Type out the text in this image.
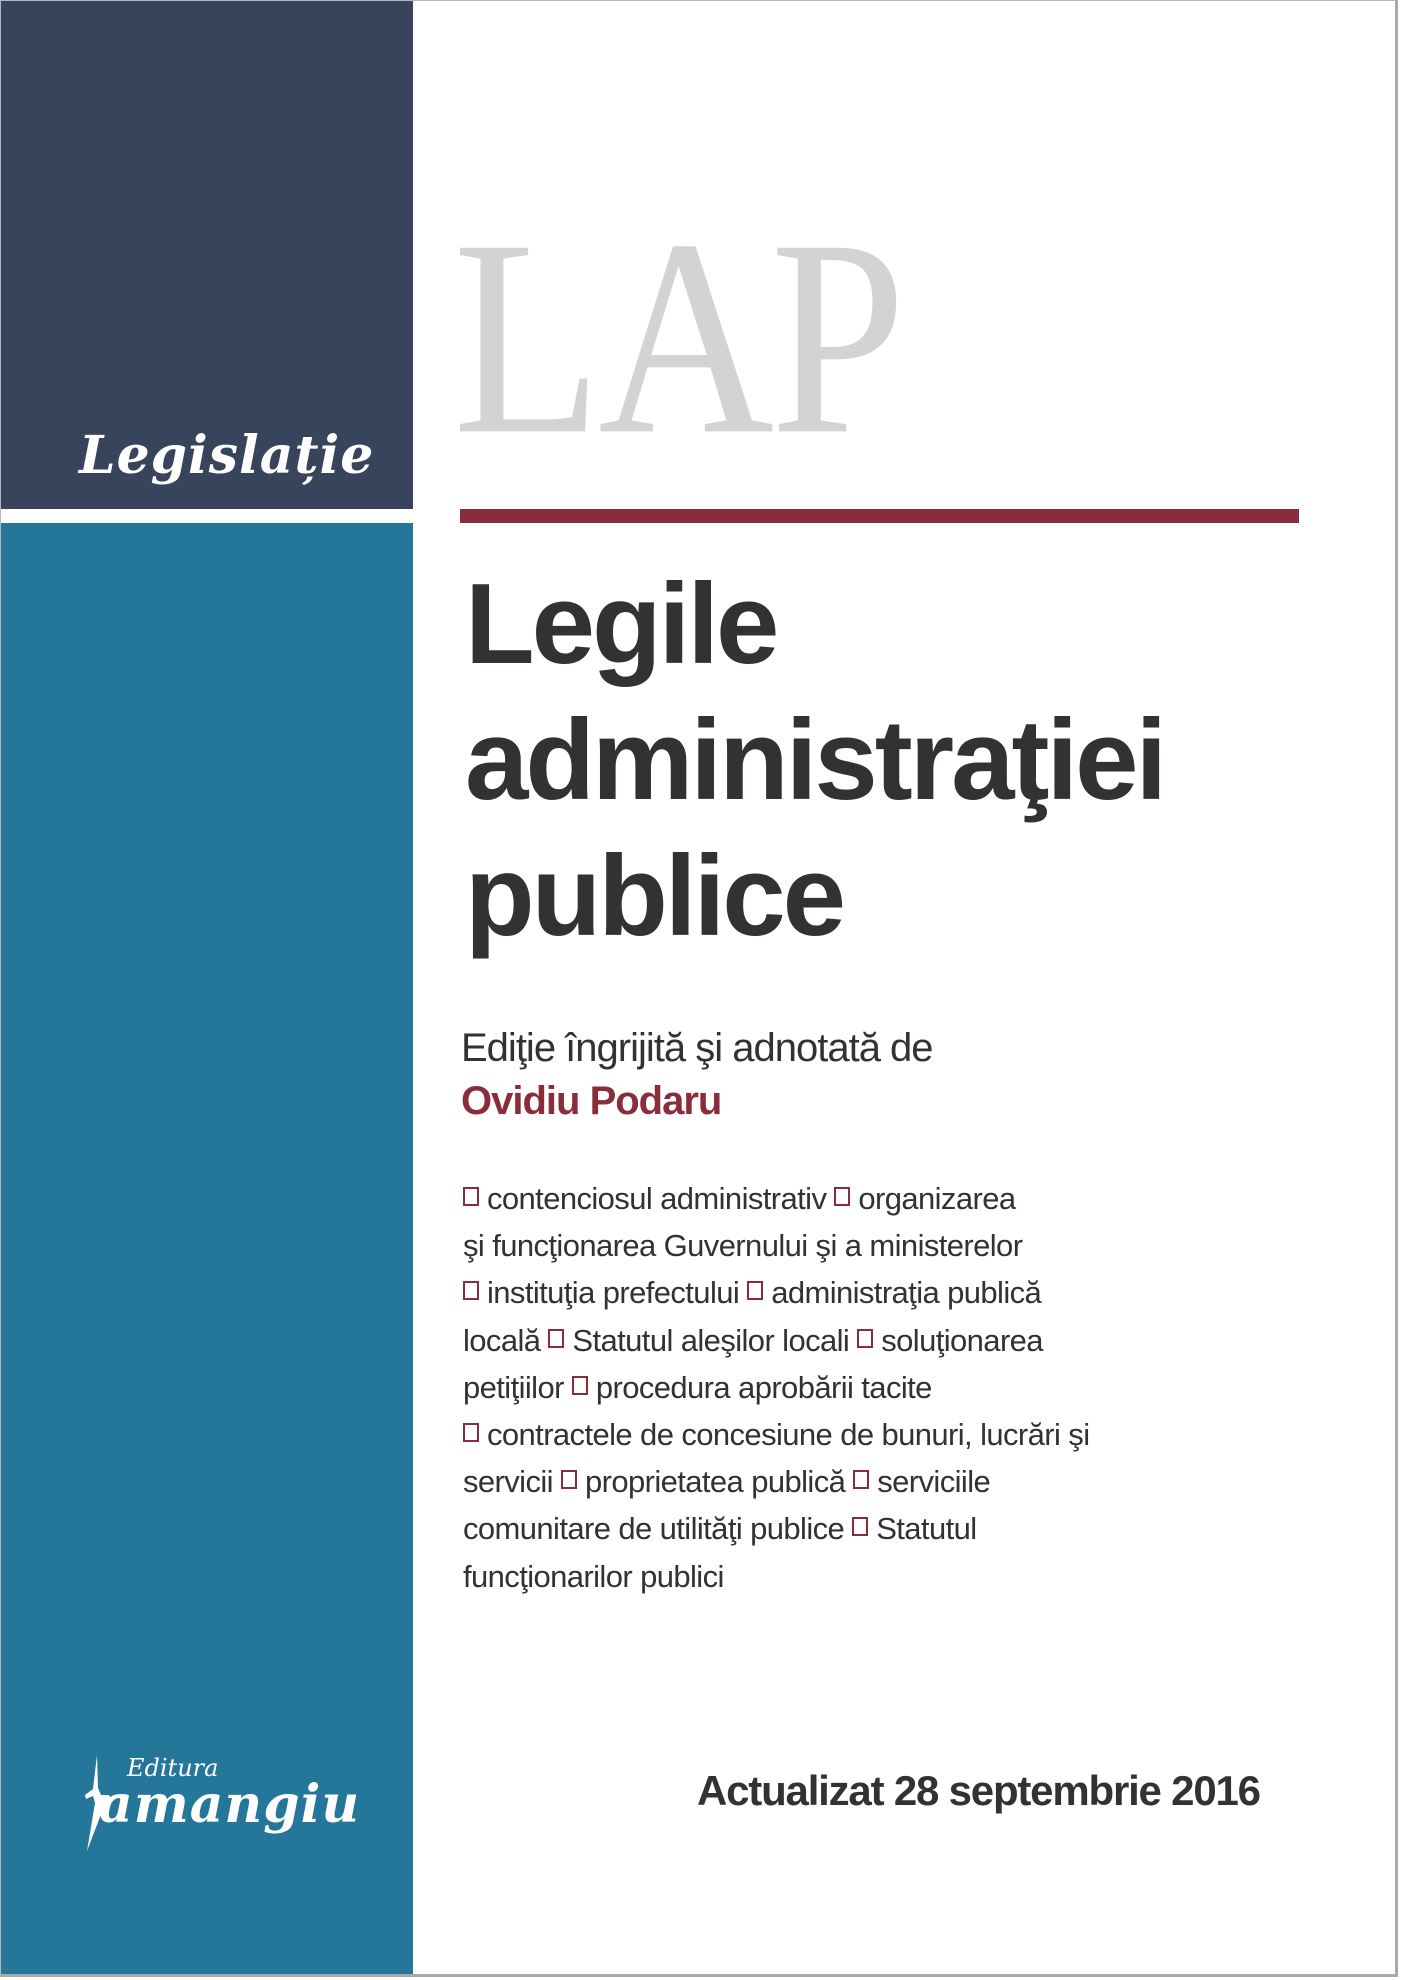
Legislație LAP
Legile
administraţiei
publice
Ediţie îngrijită şi adnotată de
Ovidiu Podaru
contenciosul administrativ
organizarea
şi funcţionarea Guvernului şi a ministerelor
instituţia prefectului
administraţia publică
locală
Statutul aleşilor locali
soluţionarea
petiţiilor
procedura aprobării tacite
contractele de concesiune de bunuri, lucrări şi
servicii
proprietatea publică
serviciile
comunitare de utilităţi publice
Statutul
funcţionarilor publici
Editura
amangiu	Actualizat 28 septembrie 2016
